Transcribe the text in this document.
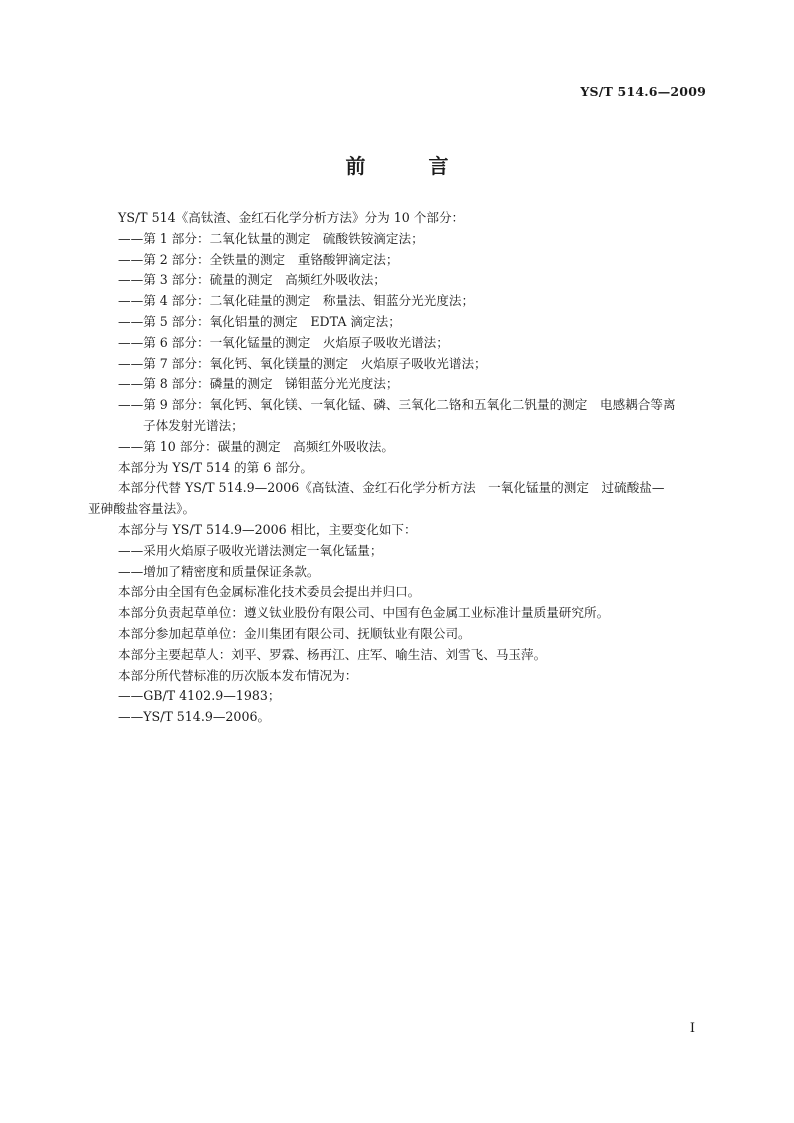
YS/T 514.6—2009
前 言
YS/T 514《高钛渣、金红石化学分析方法》分为 10 个部分：
——第 1 部分：二氧化钛量的测定　硫酸铁铵滴定法；
——第 2 部分：全铁量的测定　重铬酸钾滴定法；
——第 3 部分：硫量的测定　高频红外吸收法；
——第 4 部分：二氧化硅量的测定　称量法、钼蓝分光光度法；
——第 5 部分：氧化铝量的测定　EDTA 滴定法；
——第 6 部分：一氧化锰量的测定　火焰原子吸收光谱法；
——第 7 部分：氧化钙、氧化镁量的测定　火焰原子吸收光谱法；
——第 8 部分：磷量的测定　锑钼蓝分光光度法；
——第 9 部分：氧化钙、氧化镁、一氧化锰、磷、三氧化二铬和五氧化二钒量的测定　电感耦合等离
子体发射光谱法；
——第 10 部分：碳量的测定　高频红外吸收法。
本部分为 YS/T 514 的第 6 部分。
本部分代替 YS/T 514.9—2006《高钛渣、金红石化学分析方法　一氧化锰量的测定　过硫酸盐—
亚砷酸盐容量法》。
本部分与 YS/T 514.9—2006 相比，主要变化如下：
——采用火焰原子吸收光谱法测定一氧化锰量；
——增加了精密度和质量保证条款。
本部分由全国有色金属标准化技术委员会提出并归口。
本部分负责起草单位：遵义钛业股份有限公司、中国有色金属工业标准计量质量研究所。
本部分参加起草单位：金川集团有限公司、抚顺钛业有限公司。
本部分主要起草人：刘平、罗霖、杨再江、庄军、喻生洁、刘雪飞、马玉萍。
本部分所代替标准的历次版本发布情况为：
——GB/T 4102.9—1983；
——YS/T 514.9—2006。
I
